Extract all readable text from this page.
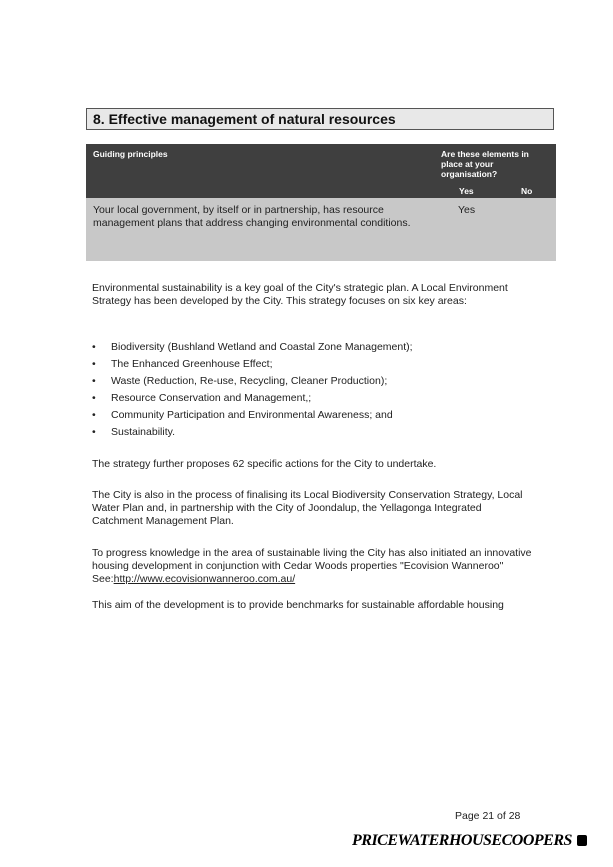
8. Effective management of natural resources
Guiding principles	Are these elements in place at your organisation?
Yes	No
Your local government, by itself or in partnership, has resource management plans that address changing environmental conditions.
Yes

Environmental sustainability is a key goal of the City's strategic plan. A Local Environment Strategy has been developed by the City. This strategy focuses on six key areas:

• Biodiversity (Bushland Wetland and Coastal Zone Management);
• The Enhanced Greenhouse Effect;
• Waste (Reduction, Re-use, Recycling, Cleaner Production);
• Resource Conservation and Management,;
• Community Participation and Environmental Awareness; and
• Sustainability.

The strategy further proposes 62 specific actions for the City to undertake.

The City is also in the process of finalising its Local Biodiversity Conservation Strategy, Local Water Plan and, in partnership with the City of Joondalup, the Yellagonga Integrated Catchment Management Plan.

To progress knowledge in the area of sustainable living the City has also initiated an innovative housing development in conjunction with Cedar Woods properties "Ecovision Wanneroo" See:http://www.ecovisionwanneroo.com.au/

This aim of the development is to provide benchmarks for sustainable affordable housing

Page 21 of 28
PRICEWATERHOUSECOOPERS
